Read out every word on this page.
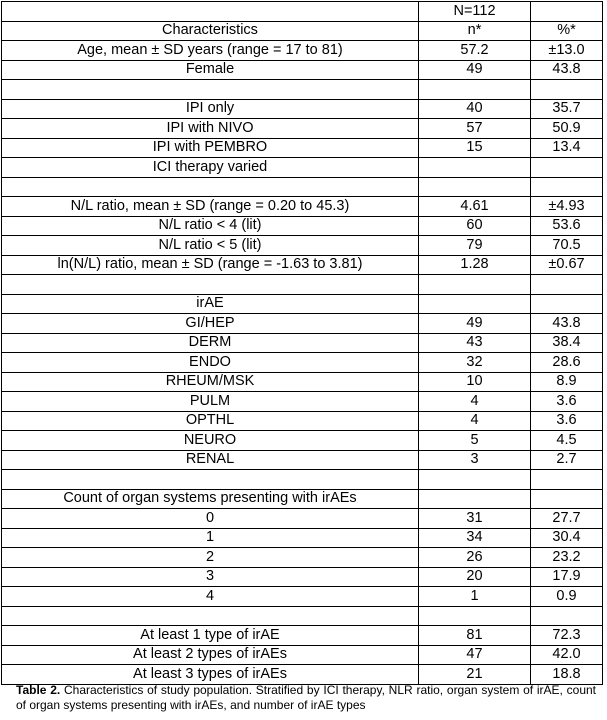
	N=112	
Characteristics	n*	%*
Age, mean ± SD years (range = 17 to 81)	57.2	±13.0
Female	49	43.8

IPI only	40	35.7
IPI with NIVO	57	50.9
IPI with PEMBRO	15	13.4
ICI therapy varied		

N/L ratio, mean ± SD (range = 0.20 to 45.3)	4.61	±4.93
N/L ratio < 4 (lit)	60	53.6
N/L ratio < 5 (lit)	79	70.5
ln(N/L) ratio, mean ± SD (range = -1.63 to 3.81)	1.28	±0.67

irAE		
GI/HEP	49	43.8
DERM	43	38.4
ENDO	32	28.6
RHEUM/MSK	10	8.9
PULM	4	3.6
OPTHL	4	3.6
NEURO	5	4.5
RENAL	3	2.7

Count of organ systems presenting with irAEs		
0	31	27.7
1	34	30.4
2	26	23.2
3	20	17.9
4	1	0.9

At least 1 type of irAE	81	72.3
At least 2 types of irAEs	47	42.0
At least 3 types of irAEs	21	18.8
Table 2. Characteristics of study population. Stratified by ICI therapy, NLR ratio, organ system of irAE, count of organ systems presenting with irAEs, and number of irAE types
